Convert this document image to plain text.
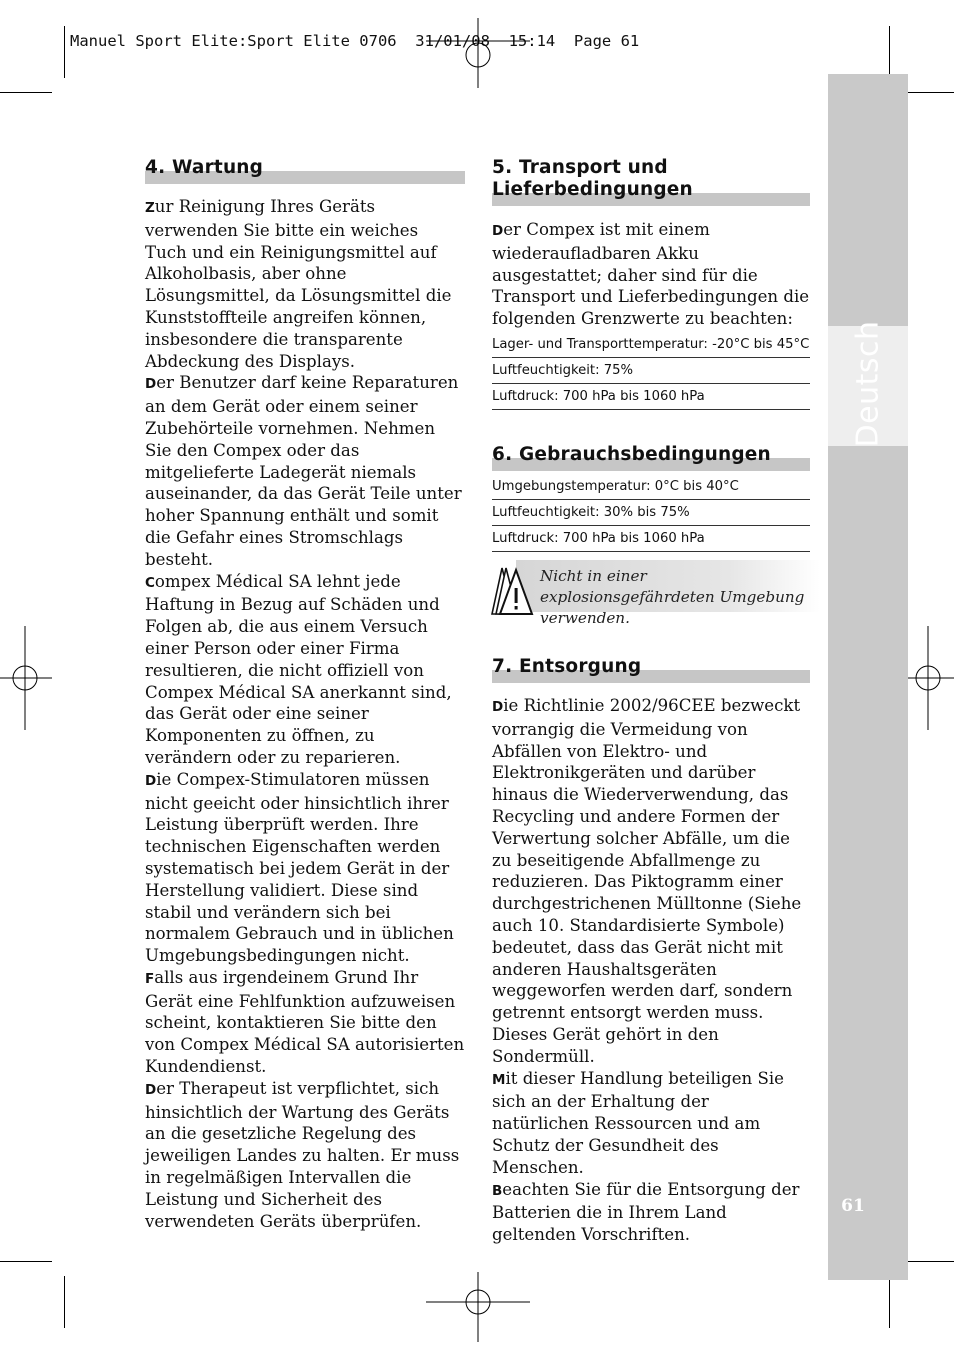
Manuel Sport Elite:Sport Elite 0706  31/01/08  15:14  Page 61
Deutsch
61
4. Wartung

Zur Reinigung Ihres Geräts verwenden Sie bitte ein weiches Tuch und ein Reinigungsmittel auf Alkoholbasis, aber ohne Lösungsmittel, da Lösungsmittel die Kunststoffteile angreifen können, insbesondere die transparente Abdeckung des Displays.

Der Benutzer darf keine Reparaturen an dem Gerät oder einem seiner Zubehörteile vornehmen. Nehmen Sie den Compex oder das mitgelieferte Ladegerät niemals auseinander, da das Gerät Teile unter hoher Spannung enthält und somit die Gefahr eines Stromschlags besteht.

Compex Médical SA lehnt jede Haftung in Bezug auf Schäden und Folgen ab, die aus einem Versuch einer Person oder einer Firma resultieren, die nicht offiziell von Compex Médical SA anerkannt sind, das Gerät oder eine seiner Komponenten zu öffnen, zu verändern oder zu reparieren.

Die Compex-Stimulatoren müssen nicht geeicht oder hinsichtlich ihrer Leistung überprüft werden. Ihre technischen Eigenschaften werden systematisch bei jedem Gerät in der Herstellung validiert. Diese sind stabil und verändern sich bei normalem Gebrauch und in üblichen Umgebungsbedingungen nicht.

Falls aus irgendeinem Grund Ihr Gerät eine Fehlfunktion aufzuweisen scheint, kontaktieren Sie bitte den von Compex Médical SA autorisierten Kundendienst.

Der Therapeut ist verpflichtet, sich hinsichtlich der Wartung des Geräts an die gesetzliche Regelung des jeweiligen Landes zu halten. Er muss in regelmäßigen Intervallen die Leistung und Sicherheit des verwendeten Geräts überprüfen.

5. Transport und
Lieferbedingungen

Der Compex ist mit einem wiederaufladbaren Akku ausgestattet; daher sind für die Transport und Lieferbedingungen die folgenden Grenzwerte zu beachten:

Lager- und Transporttemperatur: -20°C bis 45°C
Luftfeuchtigkeit: 75%
Luftdruck: 700 hPa bis 1060 hPa
6. Gebrauchsbedingungen
Umgebungstemperatur: 0°C bis 40°C
Luftfeuchtigkeit: 30% bis 75%
Luftdruck: 700 hPa bis 1060 hPa
Nicht in einer explosionsgefährdeten Umgebung verwenden.
7. Entsorgung

Die Richtlinie 2002/96CEE bezweckt vorrangig die Vermeidung von Abfällen von Elektro- und Elektronikgeräten und darüber hinaus die Wiederverwendung, das Recycling und andere Formen der Verwertung solcher Abfälle, um die zu beseitigende Abfallmenge zu reduzieren. Das Piktogramm einer durchgestrichenen Mülltonne (Siehe auch 10. Standardisierte Symbole) bedeutet, dass das Gerät nicht mit anderen Haushaltsgeräten weggeworfen werden darf, sondern getrennt entsorgt werden muss. Dieses Gerät gehört in den Sondermüll.

Mit dieser Handlung beteiligen Sie sich an der Erhaltung der natürlichen Ressourcen und am Schutz der Gesundheit des Menschen.

Beachten Sie für die Entsorgung der Batterien die in Ihrem Land geltenden Vorschriften.
